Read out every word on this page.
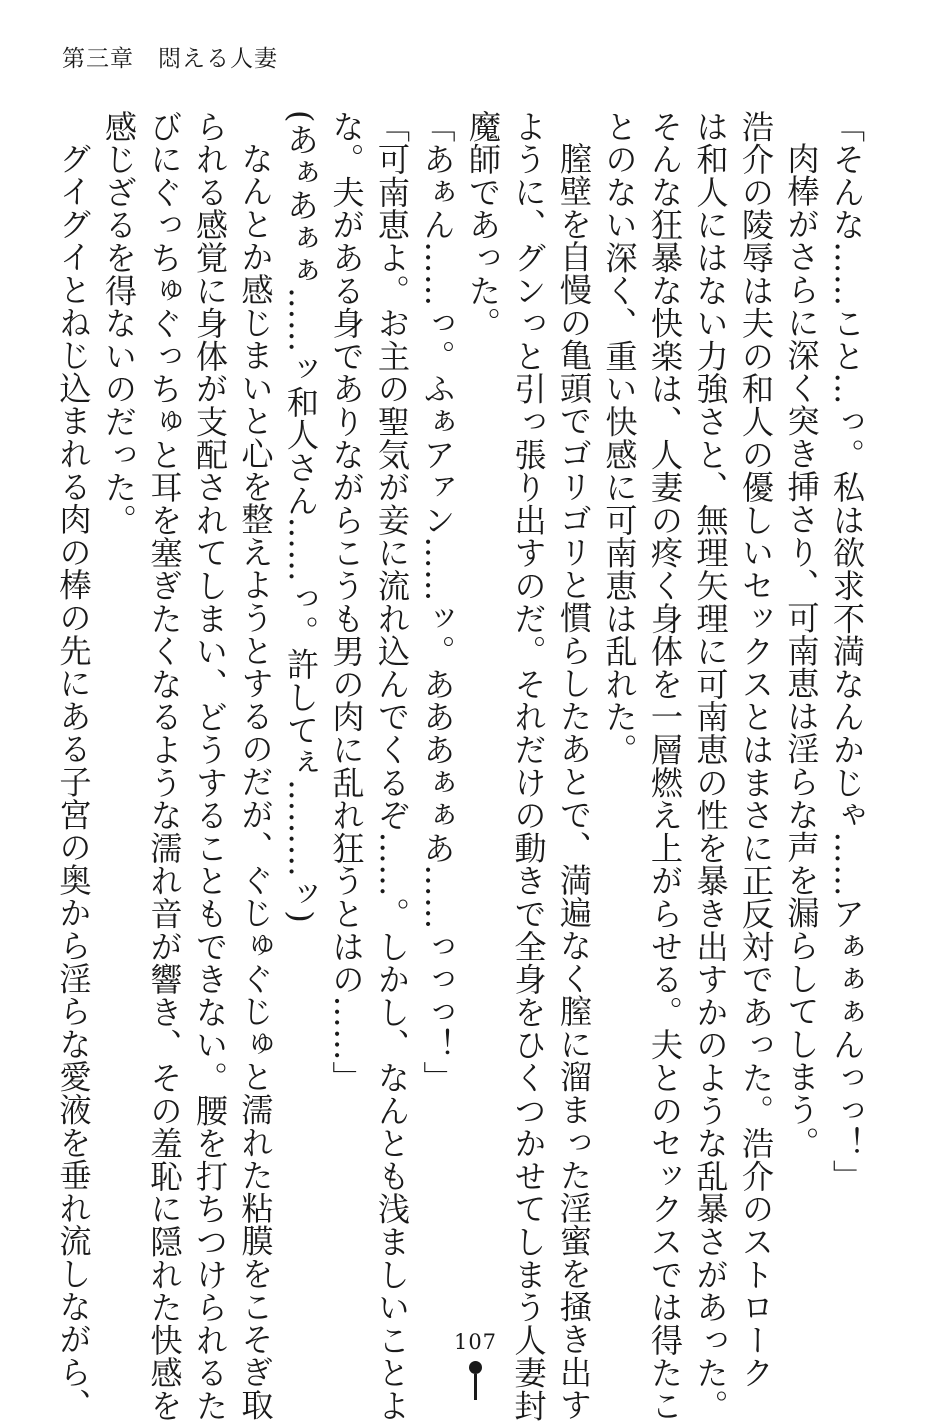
第三章　悶える人妻

「そんな……こと…っ。私は欲求不満なんかじゃ……アぁぁぁんっっ！」

肉棒がさらに深く突き挿さり、可南恵は淫らな声を漏らしてしまう。

浩介の陵辱は夫の和人の優しいセックスとはまさに正反対であった。浩介のストローク

は和人にはない力強さと、無理矢理に可南恵の性を暴き出すかのような乱暴さがあった。

そんな狂暴な快楽は、人妻の疼く身体を一層燃え上がらせる。夫とのセックスでは得たこ

とのない深く、重い快感に可南恵は乱れた。

膣壁を自慢の亀頭でゴリゴリと慣らしたあとで、満遍なく膣に溜まった淫蜜を掻き出す

ように、グンっと引っ張り出すのだ。それだけの動きで全身をひくつかせてしまう人妻封

魔師であった。

「あぁん……っ。ふぁアァン……ッ。あああぁぁあ……っっっ！」

「可南恵よ。お主の聖気が妾に流れ込んでくるぞ……。しかし、なんとも浅ましいことよ

な。夫がある身でありながらこうも男の肉に乱れ狂うとはの……」

(あぁあぁぁ……ッ和人さん……っ。許してぇ………ッ)

なんとか感じまいと心を整えようとするのだが、ぐじゅぐじゅと濡れた粘膜をこそぎ取

られる感覚に身体が支配されてしまい、どうすることもできない。腰を打ちつけられるた

びにぐっちゅぐっちゅと耳を塞ぎたくなるような濡れ音が響き、その羞恥に隠れた快感を

感じざるを得ないのだった。

グイグイとねじ込まれる肉の棒の先にある子宮の奥から淫らな愛液を垂れ流しながら、	107
